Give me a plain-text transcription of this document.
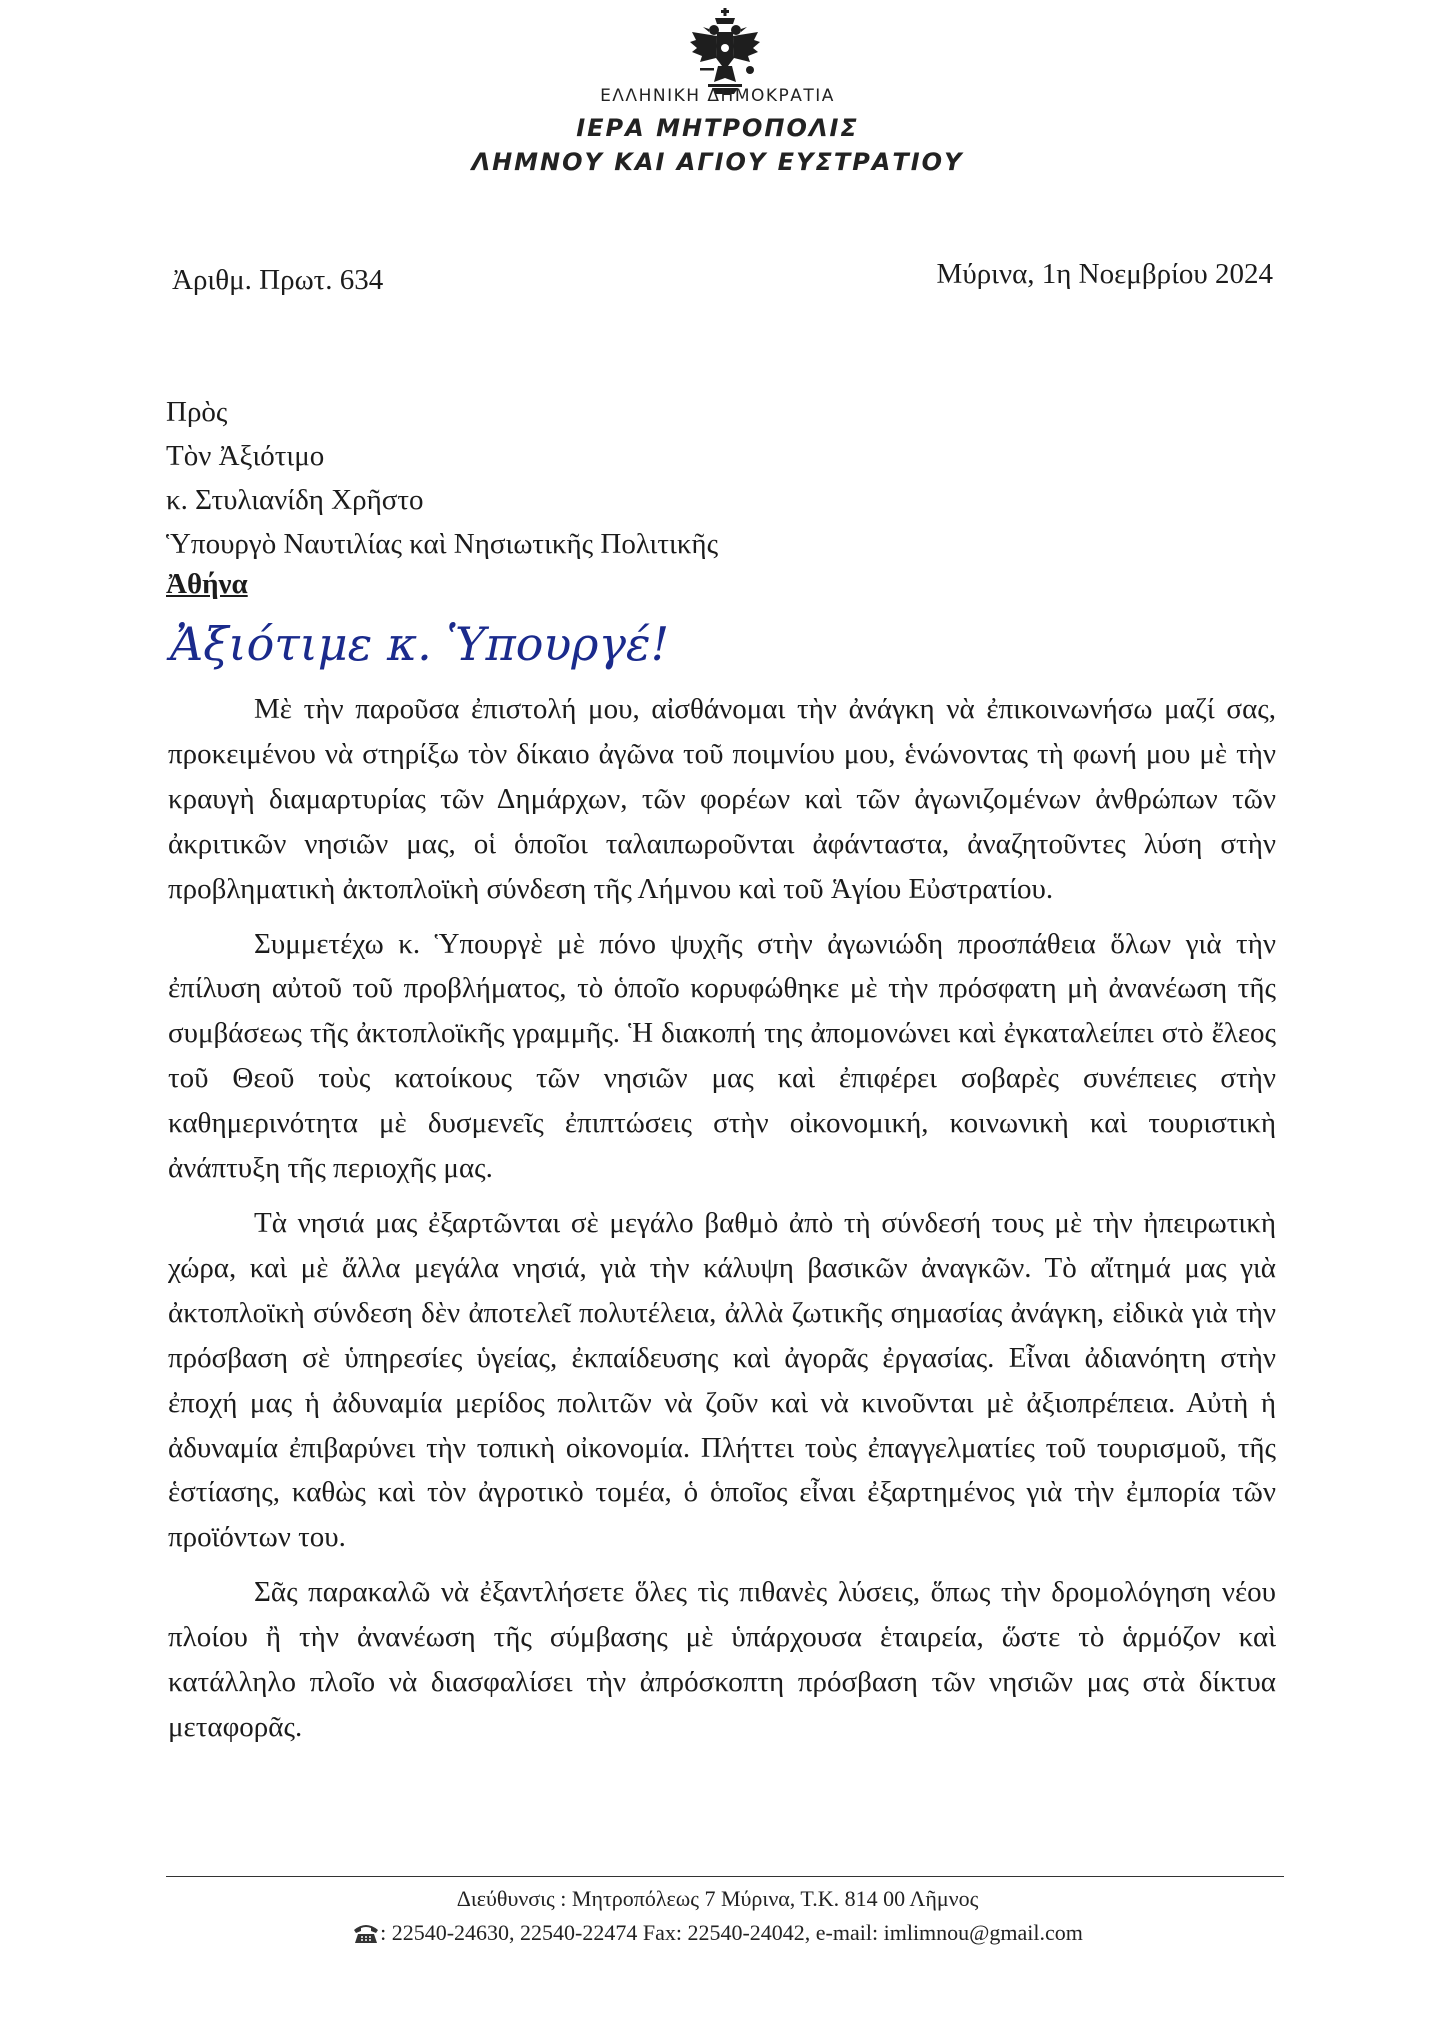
ΕΛΛΗΝΙΚΗ ΔΗΜΟΚΡΑΤΙΑ
ΙΕΡΑ ΜΗΤΡΟΠΟΛΙΣ
ΛΗΜΝΟΥ ΚΑΙ ΑΓΙΟΥ ΕΥΣΤΡΑΤΙΟΥ
Ἀριθμ. Πρωτ. 634	Μύρινα, 1η Νοεμβρίου 2024
Πρὸς
Τὸν Ἀξιότιμο
κ. Στυλιανίδη Χρῆστο
Ὑπουργὸ Ναυτιλίας καὶ Νησιωτικῆς Πολιτικῆς
Ἀθήνα
Ἀξιότιμε κ. Ὑπουργέ!

Μὲ τὴν παροῦσα ἐπιστολή μου, αἰσθάνομαι τὴν ἀνάγκη νὰ ἐπικοινωνήσω μαζί σας, προκειμένου νὰ στηρίξω τὸν δίκαιο ἀγῶνα τοῦ ποιμνίου μου, ἑνώνοντας τὴ φωνή μου μὲ τὴν κραυγὴ διαμαρτυρίας τῶν Δημάρχων, τῶν φορέων καὶ τῶν ἀγωνιζομένων ἀνθρώπων τῶν ἀκριτικῶν νησιῶν μας, οἱ ὁποῖοι ταλαιπωροῦνται ἀφάνταστα, ἀναζητοῦντες λύση στὴν προβληματικὴ ἀκτοπλοϊκὴ σύνδεση τῆς Λήμνου καὶ τοῦ Ἁγίου Εὐστρατίου.

Συμμετέχω κ. Ὑπουργὲ μὲ πόνο ψυχῆς στὴν ἀγωνιώδη προσπάθεια ὅλων γιὰ τὴν ἐπίλυση αὐτοῦ τοῦ προβλήματος, τὸ ὁποῖο κορυφώθηκε μὲ τὴν πρόσφατη μὴ ἀνανέωση τῆς συμβάσεως τῆς ἀκτοπλοϊκῆς γραμμῆς. Ἡ διακοπή της ἀπομονώνει καὶ ἐγκαταλείπει στὸ ἔλεος τοῦ Θεοῦ τοὺς κατοίκους τῶν νησιῶν μας καὶ ἐπιφέρει σοβαρὲς συνέπειες στὴν καθημερινότητα μὲ δυσμενεῖς ἐπιπτώσεις στὴν οἰκονομική, κοινωνικὴ καὶ τουριστικὴ ἀνάπτυξη τῆς περιοχῆς μας.

Τὰ νησιά μας ἐξαρτῶνται σὲ μεγάλο βαθμὸ ἀπὸ τὴ σύνδεσή τους μὲ τὴν ἠπειρωτικὴ χώρα, καὶ μὲ ἄλλα μεγάλα νησιά, γιὰ τὴν κάλυψη βασικῶν ἀναγκῶν. Τὸ αἴτημά μας γιὰ ἀκτοπλοϊκὴ σύνδεση δὲν ἀποτελεῖ πολυτέλεια, ἀλλὰ ζωτικῆς σημασίας ἀνάγκη, εἰδικὰ γιὰ τὴν πρόσβαση σὲ ὑπηρεσίες ὑγείας, ἐκπαίδευσης καὶ ἀγορᾶς ἐργασίας. Εἶναι ἀδιανόητη στὴν ἐποχή μας ἡ ἀδυναμία μερίδος πολιτῶν νὰ ζοῦν καὶ νὰ κινοῦνται μὲ ἀξιοπρέπεια. Αὐτὴ ἡ ἀδυναμία ἐπιβαρύνει τὴν τοπικὴ οἰκονομία. Πλήττει τοὺς ἐπαγγελματίες τοῦ τουρισμοῦ, τῆς ἑστίασης, καθὼς καὶ τὸν ἀγροτικὸ τομέα, ὁ ὁποῖος εἶναι ἐξαρτημένος γιὰ τὴν ἐμπορία τῶν προϊόντων του.

Σᾶς παρακαλῶ νὰ ἐξαντλήσετε ὅλες τὶς πιθανὲς λύσεις, ὅπως τὴν δρομολόγηση νέου πλοίου ἢ τὴν ἀνανέωση τῆς σύμβασης μὲ ὑπάρχουσα ἑταιρεία, ὥστε τὸ ἁρμόζον καὶ κατάλληλο πλοῖο νὰ διασφαλίσει τὴν ἀπρόσκοπτη πρόσβαση τῶν νησιῶν μας στὰ δίκτυα μεταφορᾶς.

Διεύθυνσις : Μητροπόλεως 7 Μύρινα, Τ.Κ. 814 00 Λῆμνος
: 22540-24630, 22540-22474 Fax: 22540-24042, e-mail: imlimnou@gmail.com
